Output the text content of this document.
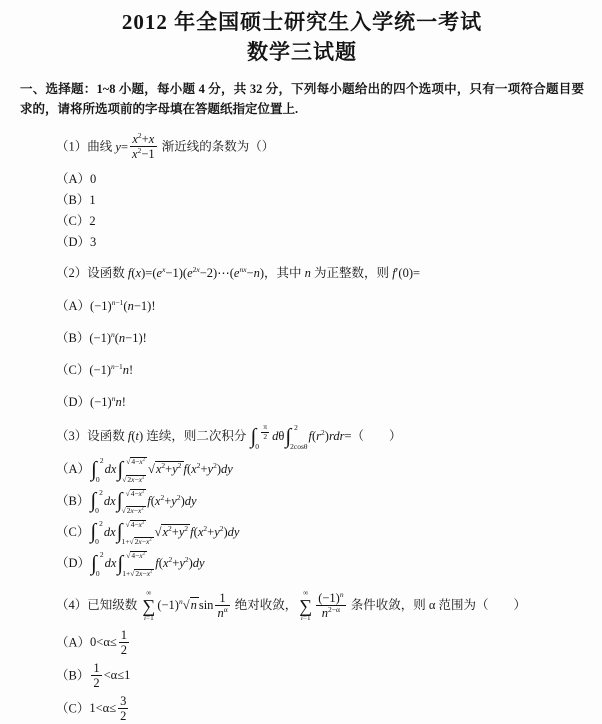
2012 年全国硕士研究生入学统一考试
数学三试题
一、选择题：1~8 小题，每小题 4 分，共 32 分，下列每小题给出的四个选项中，只有一项符合题目要求的，请将所选项前的字母填在答题纸指定位置上.
（1）曲线 $y= \frac{x^2+x}{x^2-1}$ 渐近线的条数为（）
（A）0
（B）1
（C）2
（D）3
（2）设函数 $f(x)=(e^x-1)(e^{2x}-2)\cdots(e^{nx}-n)$，其中 n 为正整数，则 f′(0)=
$(A)(-1)^{n-1}(n-1)$!
$(B)(-1)^n(n-1)$!
$(C)(-1)^{n-1}n$!
$(D)(-1)^nn$!
（3）设函数 f(t) 连续，则二次积分 ∫ $\frac{\pi}{2}$
0
dθ ∫ 2
2cosθ
$f(r^2)rdr=$（　　）
（A） ∫ 2
0
dx ∫ $√4-x^2$
$√2x-x^2$
$√x^2+y^2$ $f(x^2+y^2)dy$
（B） ∫ 2
0
dx ∫ $√4-x^2$
$√2x-x^2$
$f(x^2+y^2)dy$
（C） ∫ 2
0
dx ∫ $√4-x^2$
$1+√2x-x^2$
$√x^2+y^2$ $f(x^2+y^2)dy$
（D） ∫ 2
0
dx ∫ $√4-x^2$
$1+√2x-x^2$
$f(x^2+y^2)dy$
（4）已知级数
∞
∑
i=1
$(-1)^n√n$ $\sin \frac{1}{n^\alpha}$ 绝对收敛，
∞
∑
$i=1 \frac{(-1)^n}{n^{2-\alpha}}$ 条件收敛，则 α 范围为（　　）
$(A)0<\alpha\le \frac{1}{2}$
$(B) \frac{1}{2} <\alpha\le 1$
$(C)1<\alpha\le \frac{3}{2}$
